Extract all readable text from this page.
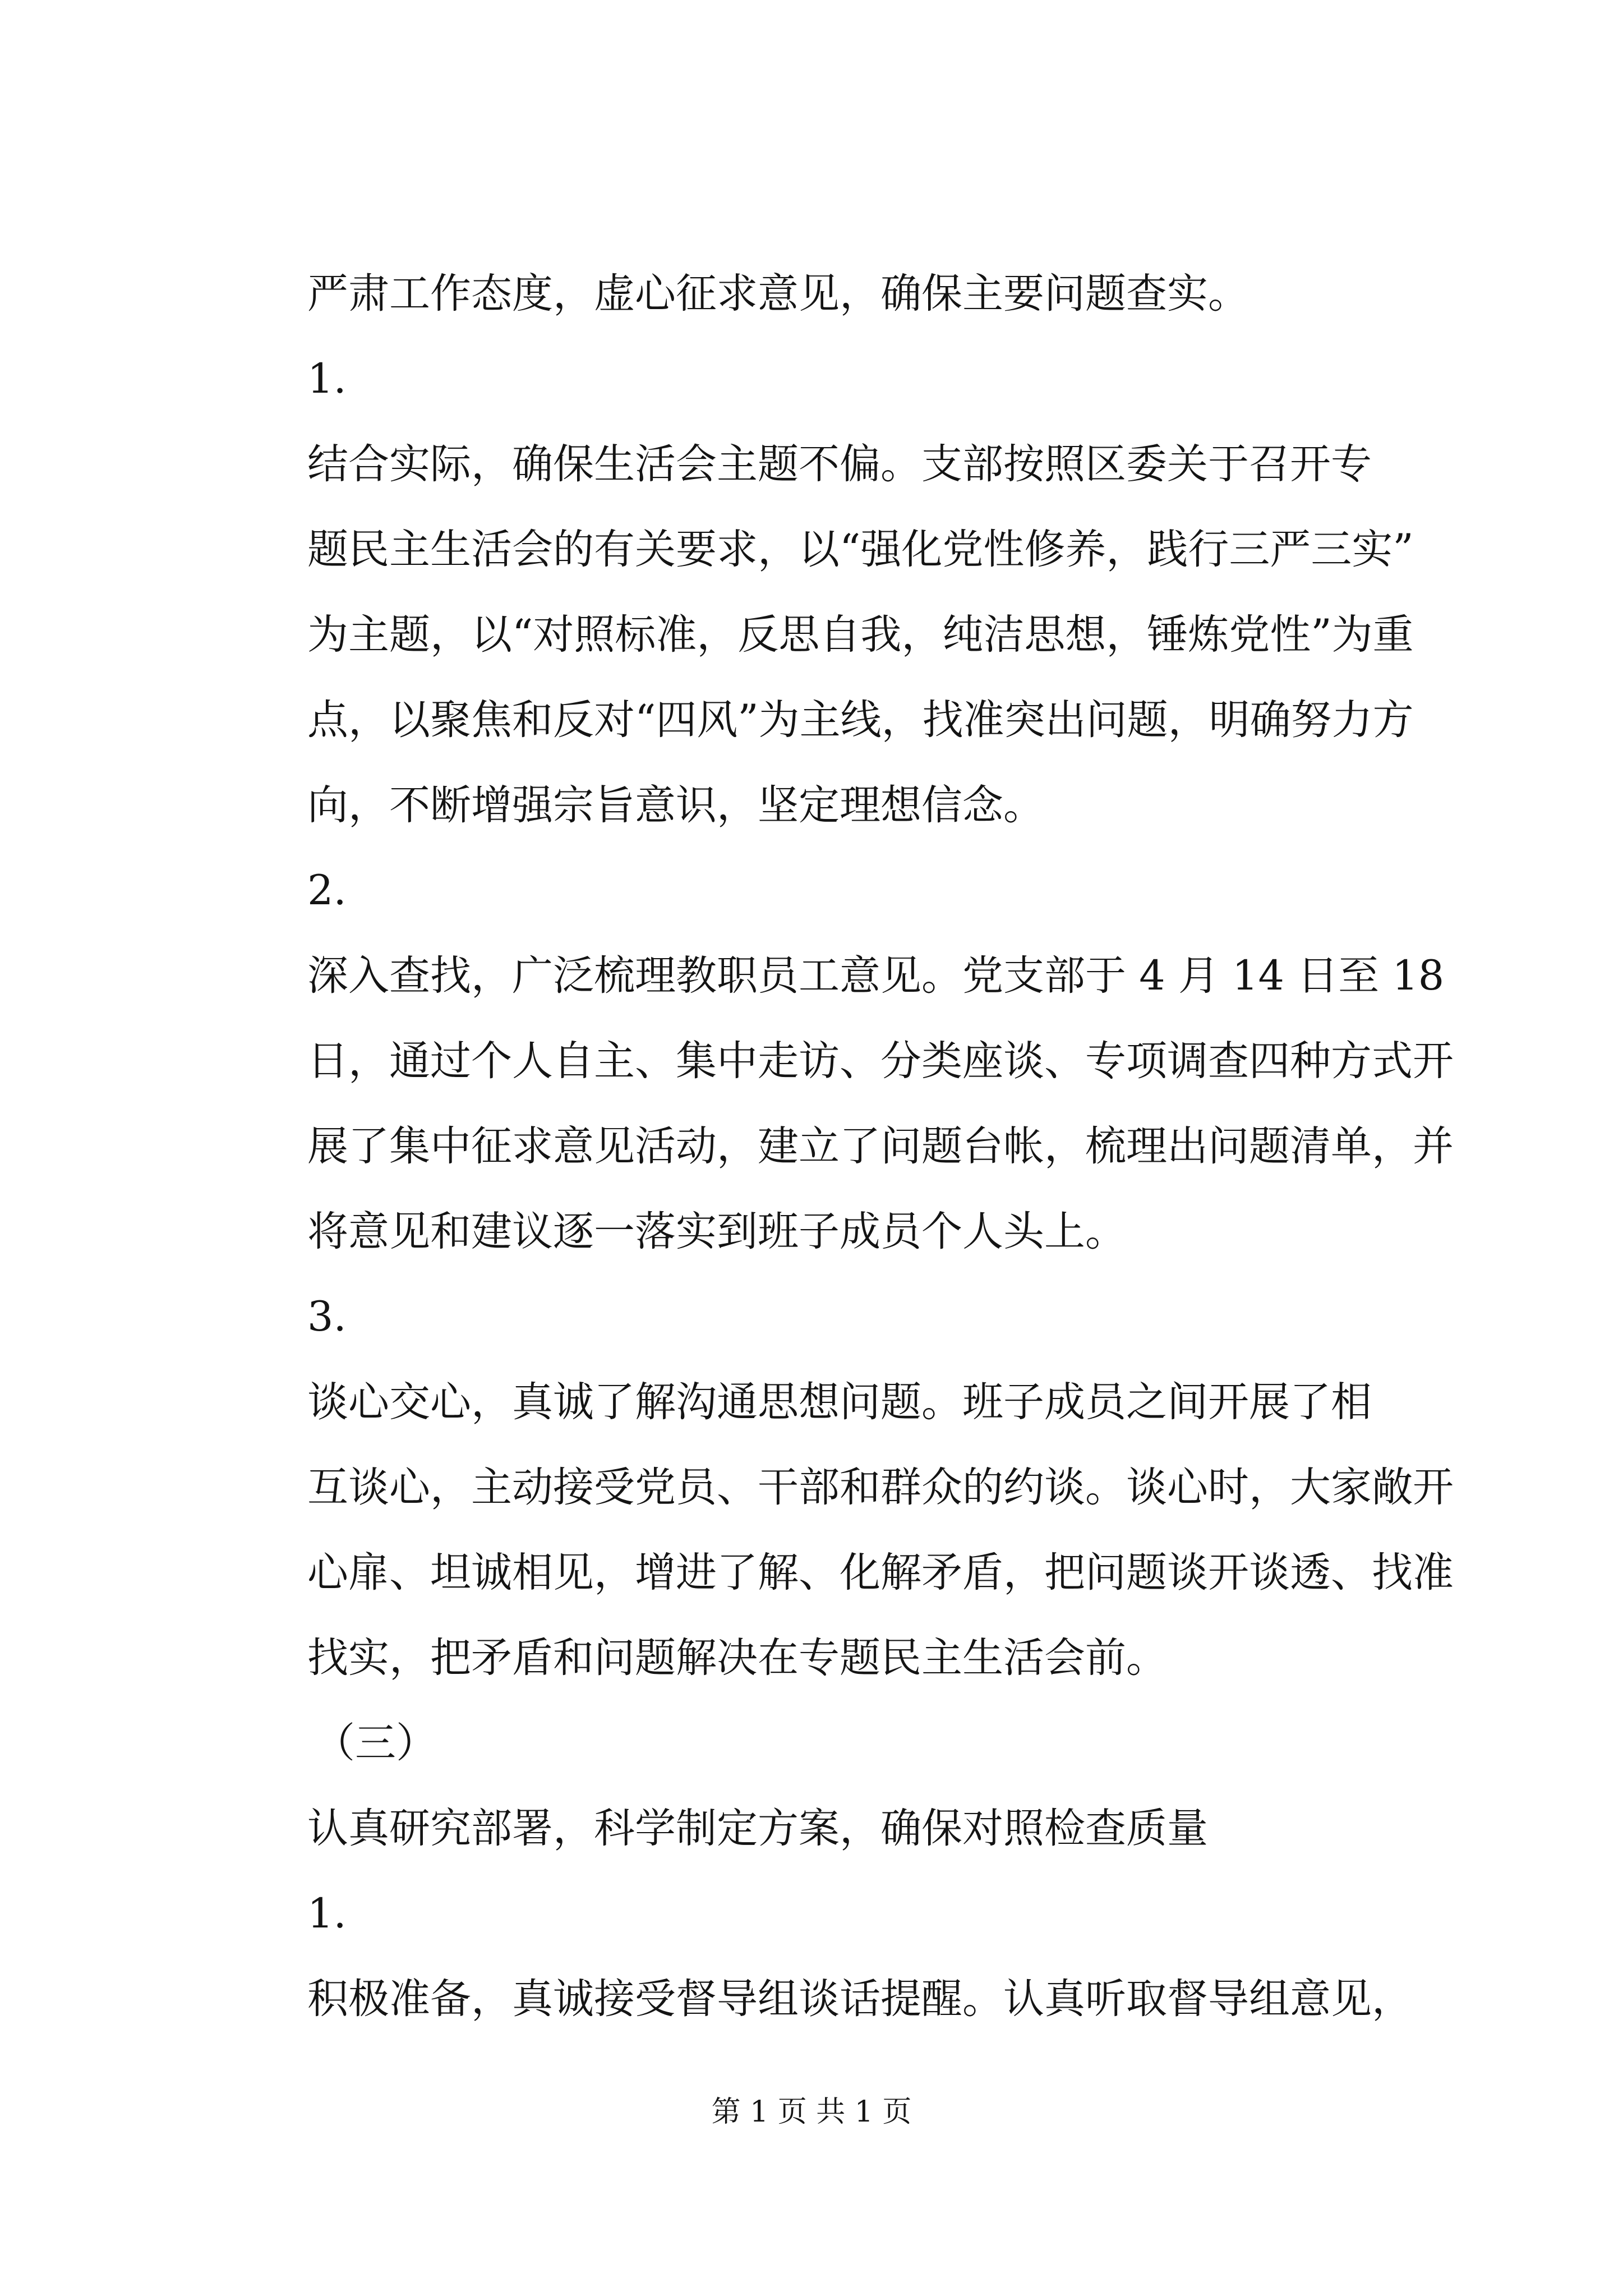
严肃工作态度，虚心征求意见，确保主要问题查实。

1.

结合实际，确保生活会主题不偏。支部按照区委关于召开专

题民主生活会的有关要求，以“强化党性修养，践行三严三实”

为主题，以“对照标准，反思自我，纯洁思想，锤炼党性”为重

点，以聚焦和反对“四风”为主线，找准突出问题，明确努力方

向，不断增强宗旨意识，坚定理想信念。

2.

深入查找，广泛梳理教职员工意见。党支部于 4 月 14 日至 18

日，通过个人自主、集中走访、分类座谈、专项调查四种方式开

展了集中征求意见活动，建立了问题台帐，梳理出问题清单，并

将意见和建议逐一落实到班子成员个人头上。

3.

谈心交心，真诚了解沟通思想问题。班子成员之间开展了相

互谈心，主动接受党员、干部和群众的约谈。谈心时，大家敞开

心扉、坦诚相见，增进了解、化解矛盾，把问题谈开谈透、找准

找实，把矛盾和问题解决在专题民主生活会前。

（三）

认真研究部署，科学制定方案，确保对照检查质量

1.

积极准备，真诚接受督导组谈话提醒。认真听取督导组意见，

第 1 页 共 1 页
